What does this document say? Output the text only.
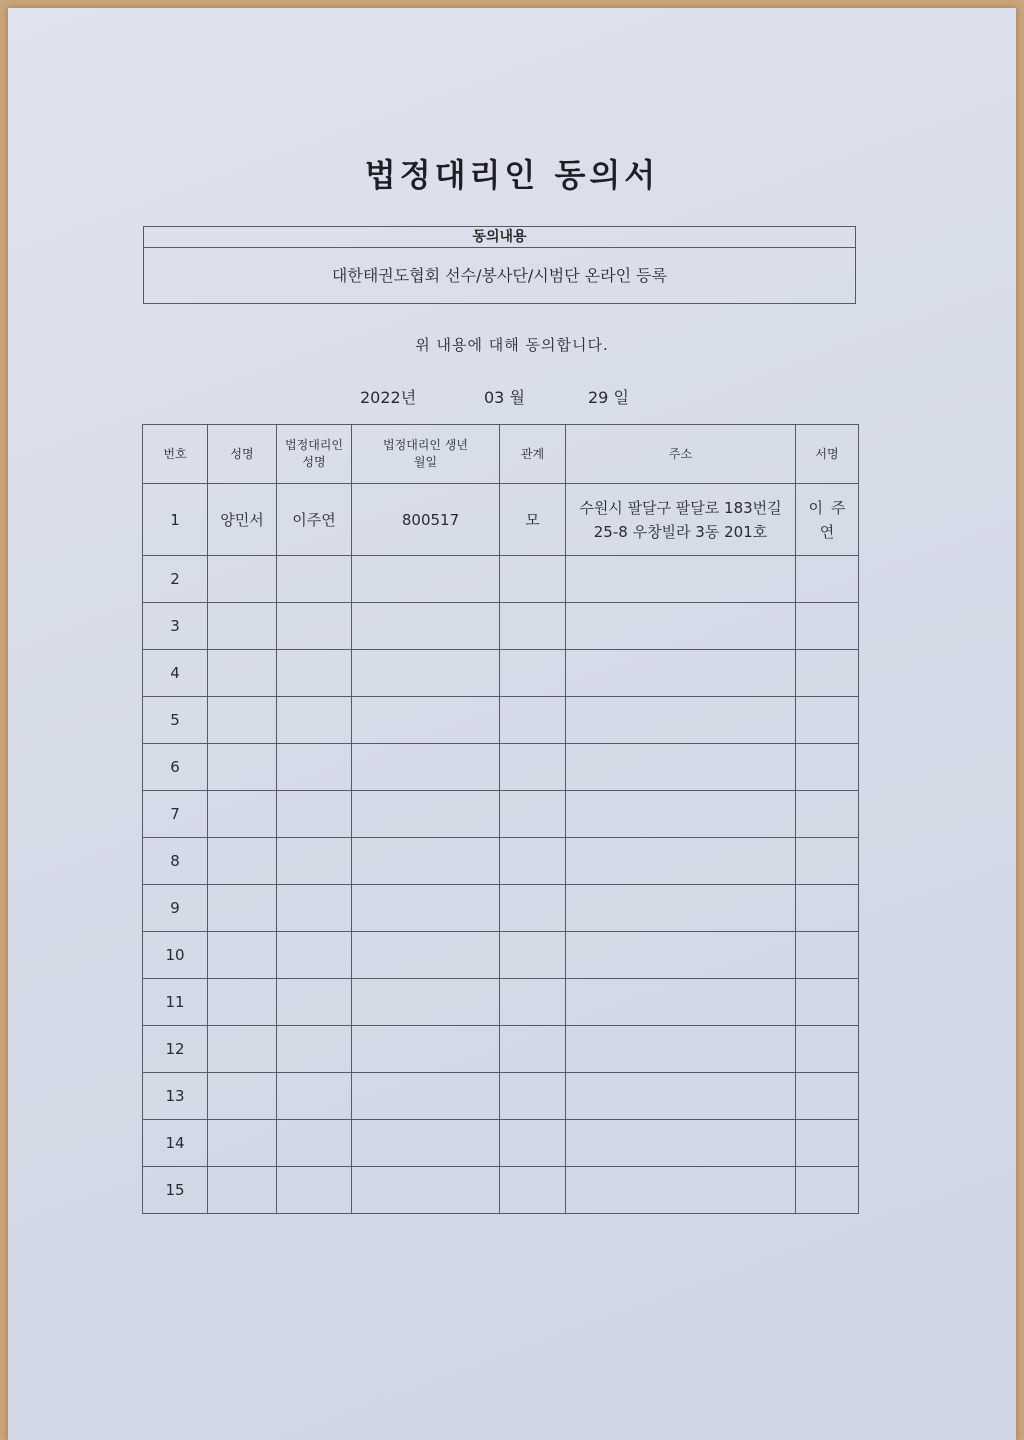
법정대리인 동의서
동의내용
대한태권도협회 선수/봉사단/시범단 온라인 등록
위 내용에 대해 동의합니다.
2022년	03 월	29 일
번호	성명	법정대리인 성명	법정대리인 생년월일	관계	주소	서명
1	양민서	이주연	800517	모	수원시 팔달구 팔달로 183번길 25-8 우창빌라 3동 201호	이주연
2						
3						
4						
5						
6						
7						
8						
9						
10						
11						
12						
13						
14						
15						
